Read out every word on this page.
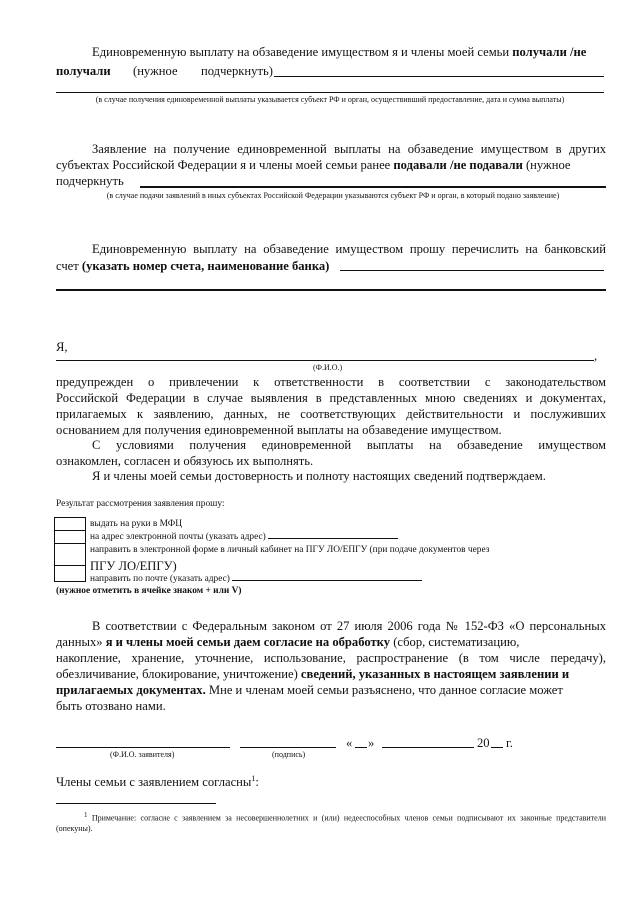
Единовременную выплату на обзаведение имуществом я и члены моей семьи получали /не
получали (нужное подчеркнуть)
(в случае получения единовременной выплаты указывается субъект РФ и орган, осуществивший предоставление, дата и сумма выплаты)
Заявление на получение единовременной выплаты на обзаведение имуществом в других
субъектах Российской Федерации я и члены моей семьи ранее подавали /не подавали (нужное
подчеркнуть
(в случае подачи заявлений в иных субъектах Российской Федерации указываются субъект РФ и орган, в который подано заявление)
Единовременную выплату на обзаведение имуществом прошу перечислить на банковский
счет (указать номер счета, наименование банка)
Я,
,
(Ф.И.О.)
предупрежден о привлечении к ответственности в соответствии с законодательством
Российской Федерации в случае выявления в представленных мною сведениях и документах,
прилагаемых к заявлению, данных, не соответствующих действительности и послуживших
основанием для получения единовременной выплаты на обзаведение имуществом.
С условиями получения единовременной выплаты на обзаведение имуществом
ознакомлен, согласен и обязуюсь их выполнять.
Я и члены моей семьи достоверность и полноту настоящих сведений подтверждаем.
Результат рассмотрения заявления прошу:
выдать на руки в МФЦ
на адрес электронной почты (указать адрес)
направить в электронной форме в личный кабинет на ПГУ ЛО/ЕПГУ (при подаче документов через
ПГУ ЛО/ЕПГУ)
направить по почте (указать адрес)
(нужное отметить в ячейке знаком + или V)
В соответствии с Федеральным законом от 27 июля 2006 года № 152-ФЗ «О персональных
данных» я и члены моей семьи даем согласие на обработку (сбор, систематизацию,
накопление, хранение, уточнение, использование, распространение (в том числе передачу),
обезличивание, блокирование, уничтожение) сведений, указанных в настоящем заявлении и
прилагаемых документах. Мне и членам моей семьи разъяснено, что данное согласие может
быть отозвано нами.
(Ф.И.О. заявителя)	(подпись)
« »	20 г.
Члены семьи с заявлением согласны$^1$:
$^1$ Примечание: согласие с заявлением за несовершеннолетних и (или) недееспособных членов семьи подписывают их законные представители (опекуны).
